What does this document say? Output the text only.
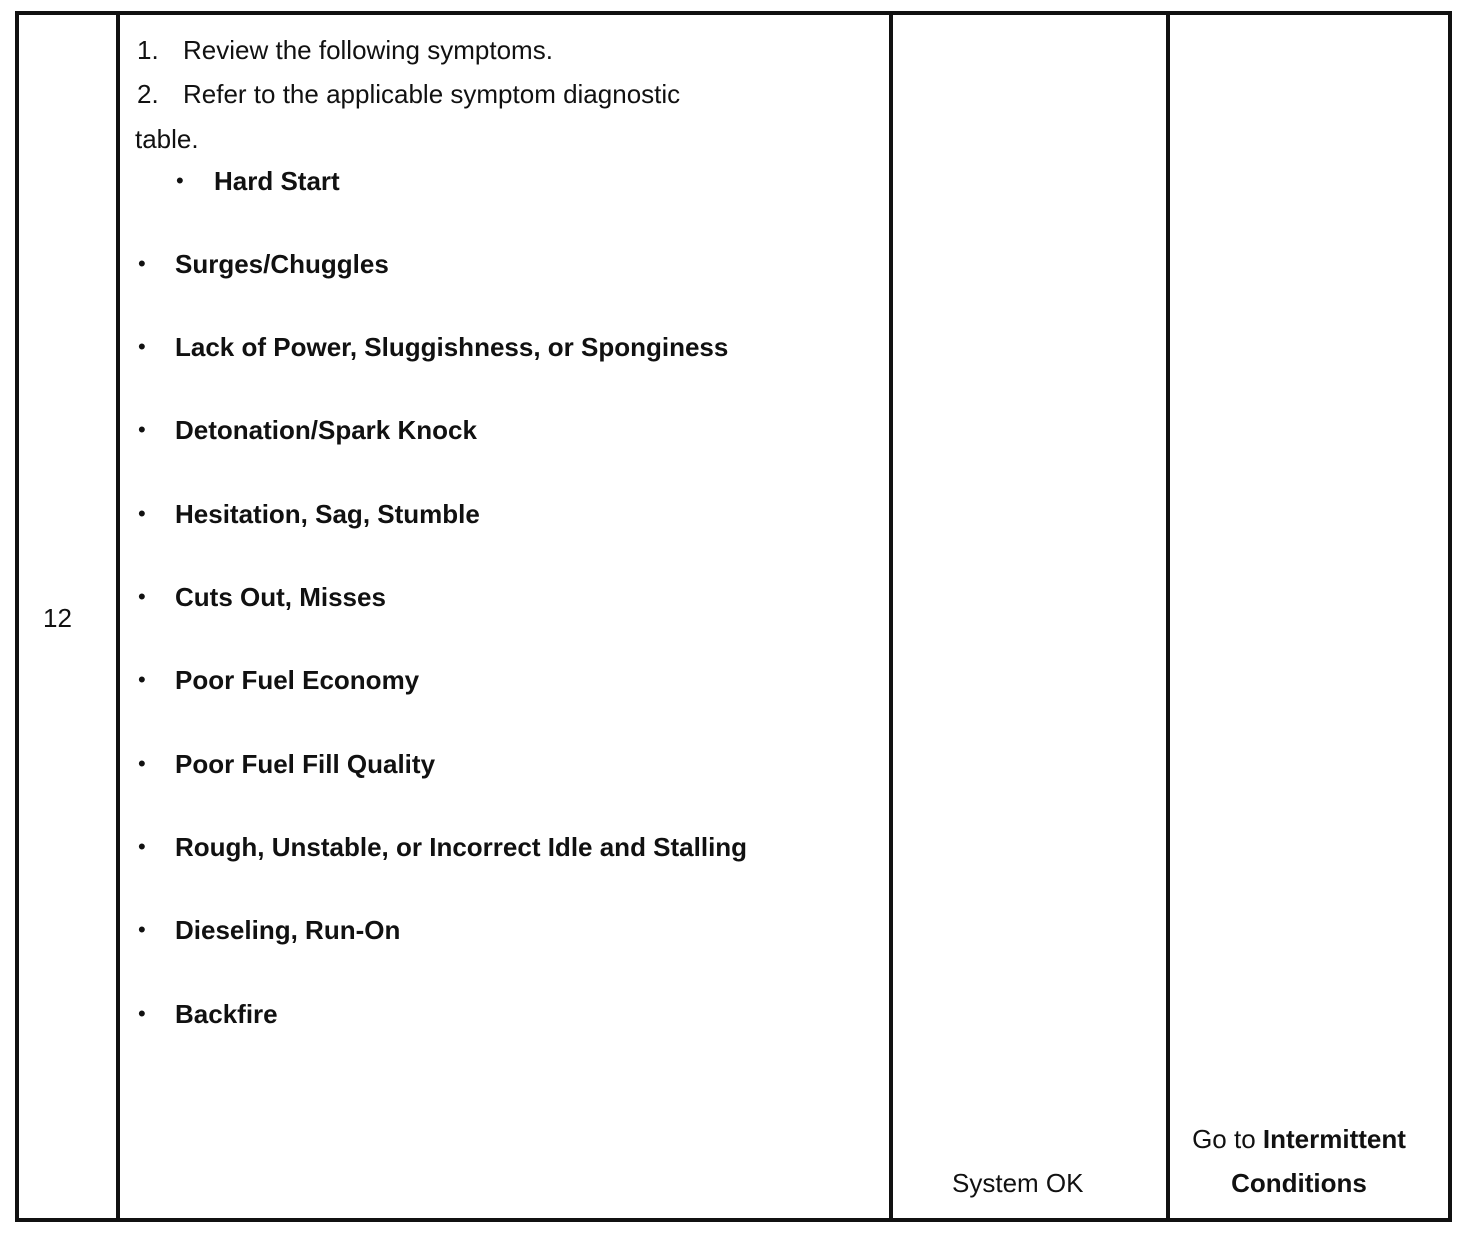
12
1. Review the following symptoms.
2. Refer to the applicable symptom diagnostic
table.
• Hard Start
• Surges/Chuggles
• Lack of Power, Sluggishness, or Sponginess
• Detonation/Spark Knock
• Hesitation, Sag, Stumble
• Cuts Out, Misses
• Poor Fuel Economy
• Poor Fuel Fill Quality
• Rough, Unstable, or Incorrect Idle and Stalling
• Dieseling, Run-On
• Backfire
System OK
Go to Intermittent
Conditions
